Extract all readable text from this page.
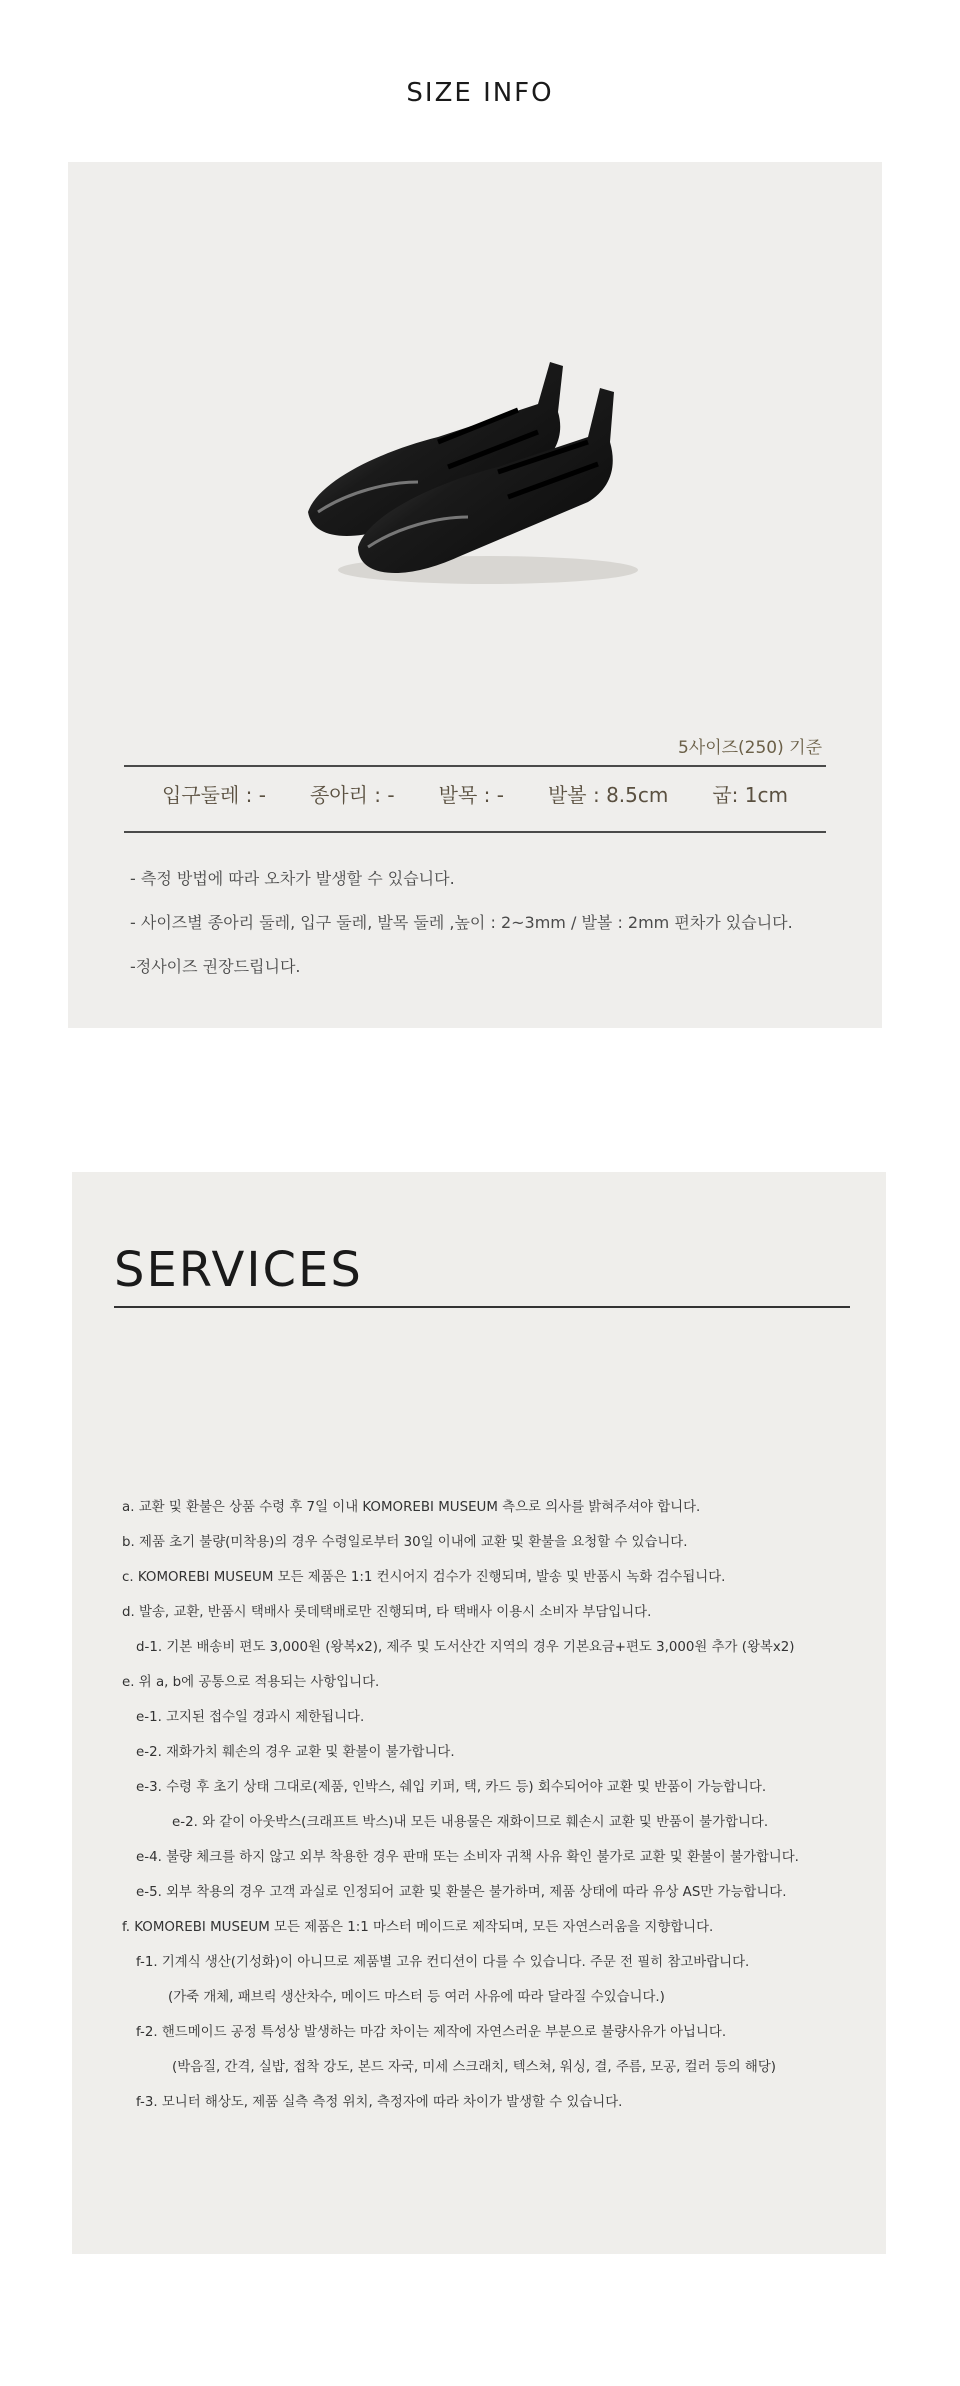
SIZE INFO
5사이즈(250) 기준
입구둘레 : - 종아리 : - 발목 : - 발볼 : 8.5cm 굽: 1cm
- 측정 방법에 따라 오차가 발생할 수 있습니다.
- 사이즈별 종아리 둘레, 입구 둘레, 발목 둘레 ,높이 : 2~3mm / 발볼 : 2mm 편차가 있습니다.
-정사이즈 권장드립니다.
SERVICES
a. 교환 및 환불은 상품 수령 후 7일 이내 KOMOREBI MUSEUM 측으로 의사를 밝혀주셔야 합니다.
b. 제품 초기 불량(미착용)의 경우 수령일로부터 30일 이내에 교환 및 환불을 요청할 수 있습니다.
c. KOMOREBI MUSEUM 모든 제품은 1:1 컨시어지 검수가 진행되며, 발송 및 반품시 녹화 검수됩니다.
d. 발송, 교환, 반품시 택배사 롯데택배로만 진행되며, 타 택배사 이용시 소비자 부담입니다.
d-1. 기본 배송비 편도 3,000원 (왕복x2), 제주 및 도서산간 지역의 경우 기본요금+편도 3,000원 추가 (왕복x2)
e. 위 a, b에 공통으로 적용되는 사항입니다.
e-1. 고지된 접수일 경과시 제한됩니다.
e-2. 재화가치 훼손의 경우 교환 및 환불이 불가합니다.
e-3. 수령 후 초기 상태 그대로(제품, 인박스, 쉐입 키퍼, 택, 카드 등) 회수되어야 교환 및 반품이 가능합니다.
e-2. 와 같이 아웃박스(크래프트 박스)내 모든 내용물은 재화이므로 훼손시 교환 및 반품이 불가합니다.
e-4. 불량 체크를 하지 않고 외부 착용한 경우 판매 또는 소비자 귀책 사유 확인 불가로 교환 및 환불이 불가합니다.
e-5. 외부 착용의 경우 고객 과실로 인정되어 교환 및 환불은 불가하며, 제품 상태에 따라 유상 AS만 가능합니다.
f. KOMOREBI MUSEUM 모든 제품은 1:1 마스터 메이드로 제작되며, 모든 자연스러움을 지향합니다.
f-1. 기계식 생산(기성화)이 아니므로 제품별 고유 컨디션이 다를 수 있습니다. 주문 전 필히 참고바랍니다.
(가죽 개체, 패브릭 생산차수, 메이드 마스터 등 여러 사유에 따라 달라질 수있습니다.)
f-2. 핸드메이드 공정 특성상 발생하는 마감 차이는 제작에 자연스러운 부분으로 불량사유가 아닙니다.
(박음질, 간격, 실밥, 접착 강도, 본드 자국, 미세 스크래치, 텍스쳐, 워싱, 결, 주름, 모공, 컬러 등의 해당)
f-3. 모니터 해상도, 제품 실측 측정 위치, 측정자에 따라 차이가 발생할 수 있습니다.
